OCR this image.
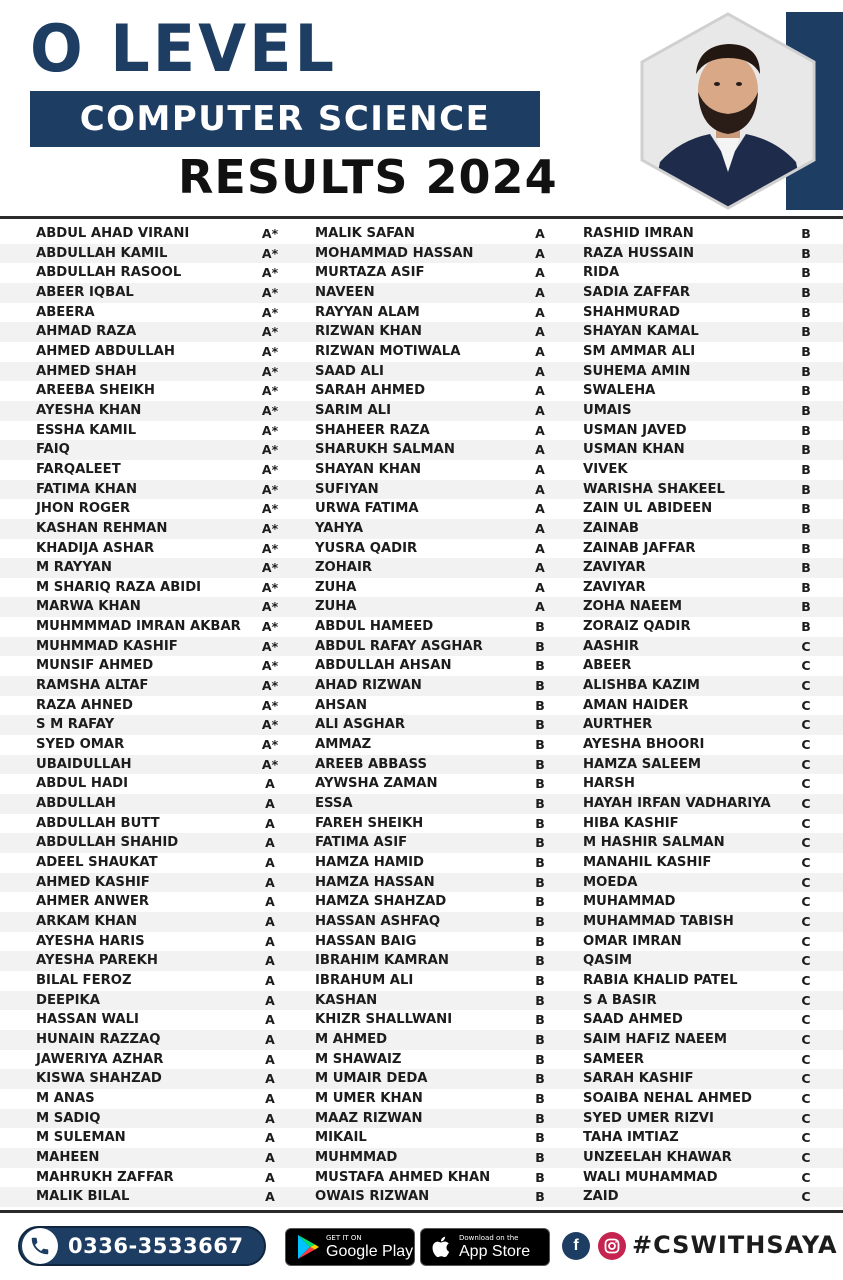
O LEVEL
COMPUTER SCIENCE
RESULTS 2024
ABDUL AHAD VIRANI	A*	MALIK SAFAN	A	RASHID IMRAN	B
ABDULLAH KAMIL	A*	MOHAMMAD HASSAN	A	RAZA HUSSAIN	B
ABDULLAH RASOOL	A*	MURTAZA ASIF	A	RIDA	B
ABEER IQBAL	A*	NAVEEN	A	SADIA ZAFFAR	B
ABEERA	A*	RAYYAN ALAM	A	SHAHMURAD	B
AHMAD RAZA	A*	RIZWAN KHAN	A	SHAYAN KAMAL	B
AHMED ABDULLAH	A*	RIZWAN MOTIWALA	A	SM AMMAR ALI	B
AHMED SHAH	A*	SAAD ALI	A	SUHEMA AMIN	B
AREEBA SHEIKH	A*	SARAH AHMED	A	SWALEHA	B
AYESHA KHAN	A*	SARIM ALI	A	UMAIS	B
ESSHA KAMIL	A*	SHAHEER RAZA	A	USMAN JAVED	B
FAIQ	A*	SHARUKH SALMAN	A	USMAN KHAN	B
FARQALEET	A*	SHAYAN KHAN	A	VIVEK	B
FATIMA KHAN	A*	SUFIYAN	A	WARISHA SHAKEEL	B
JHON ROGER	A*	URWA FATIMA	A	ZAIN UL ABIDEEN	B
KASHAN REHMAN	A*	YAHYA	A	ZAINAB	B
KHADIJA ASHAR	A*	YUSRA QADIR	A	ZAINAB JAFFAR	B
M RAYYAN	A*	ZOHAIR	A	ZAVIYAR	B
M SHARIQ RAZA ABIDI	A*	ZUHA	A	ZAVIYAR	B
MARWA KHAN	A*	ZUHA	A	ZOHA NAEEM	B
MUHMMMAD IMRAN AKBAR	A*	ABDUL HAMEED	B	ZORAIZ QADIR	B
MUHMMAD KASHIF	A*	ABDUL RAFAY ASGHAR	B	AASHIR	C
MUNSIF AHMED	A*	ABDULLAH AHSAN	B	ABEER	C
RAMSHA ALTAF	A*	AHAD RIZWAN	B	ALISHBA KAZIM	C
RAZA AHNED	A*	AHSAN	B	AMAN HAIDER	C
S M RAFAY	A*	ALI ASGHAR	B	AURTHER	C
SYED OMAR	A*	AMMAZ	B	AYESHA BHOORI	C
UBAIDULLAH	A*	AREEB ABBASS	B	HAMZA SALEEM	C
ABDUL HADI	A	AYWSHA ZAMAN	B	HARSH	C
ABDULLAH	A	ESSA	B	HAYAH IRFAN VADHARIYA	C
ABDULLAH BUTT	A	FAREH SHEIKH	B	HIBA KASHIF	C
ABDULLAH SHAHID	A	FATIMA ASIF	B	M HASHIR SALMAN	C
ADEEL SHAUKAT	A	HAMZA HAMID	B	MANAHIL KASHIF	C
AHMED KASHIF	A	HAMZA HASSAN	B	MOEDA	C
AHMER ANWER	A	HAMZA SHAHZAD	B	MUHAMMAD	C
ARKAM KHAN	A	HASSAN ASHFAQ	B	MUHAMMAD TABISH	C
AYESHA HARIS	A	HASSAN BAIG	B	OMAR IMRAN	C
AYESHA PAREKH	A	IBRAHIM KAMRAN	B	QASIM	C
BILAL FEROZ	A	IBRAHUM ALI	B	RABIA KHALID PATEL	C
DEEPIKA	A	KASHAN	B	S A BASIR	C
HASSAN WALI	A	KHIZR SHALLWANI	B	SAAD AHMED	C
HUNAIN RAZZAQ	A	M AHMED	B	SAIM HAFIZ NAEEM	C
JAWERIYA AZHAR	A	M SHAWAIZ	B	SAMEER	C
KISWA SHAHZAD	A	M UMAIR DEDA	B	SARAH KASHIF	C
M ANAS	A	M UMER KHAN	B	SOAIBA NEHAL AHMED	C
M SADIQ	A	MAAZ RIZWAN	B	SYED UMER RIZVI	C
M SULEMAN	A	MIKAIL	B	TAHA IMTIAZ	C
MAHEEN	A	MUHMMAD	B	UNZEELAH KHAWAR	C
MAHRUKH ZAFFAR	A	MUSTAFA AHMED KHAN	B	WALI MUHAMMAD	C
MALIK BILAL	A	OWAIS RIZWAN	B	ZAID	C
0336-3533667	GET IT ON
Google Play
Download on the
App Store	f #CSWITHSAYA
